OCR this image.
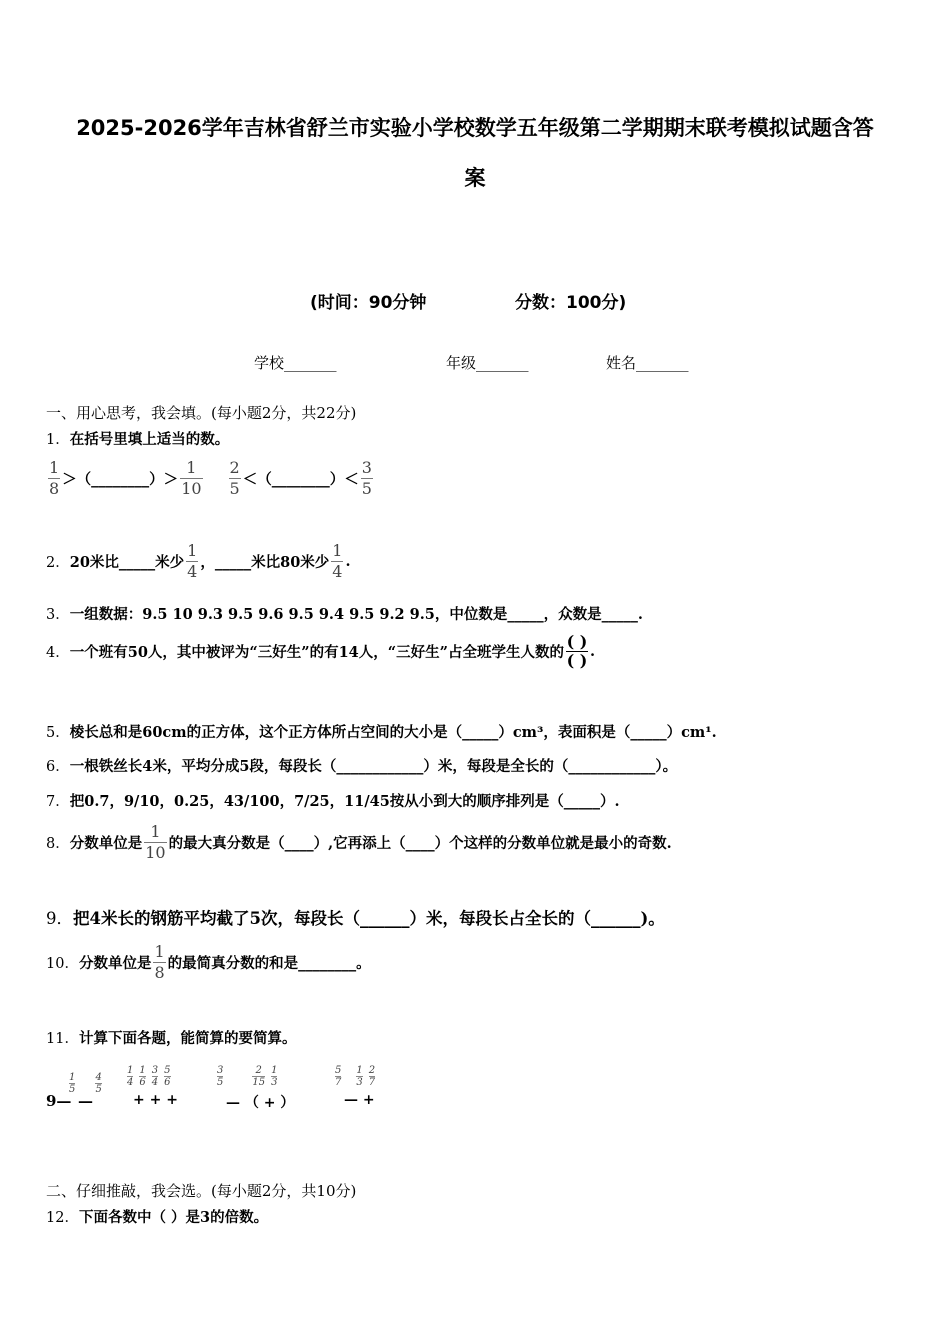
2025-2026学年吉林省舒兰市实验小学校数学五年级第二学期期末联考模拟试题含答
案
(时间：90分钟	分数：100分)
学校_______	年级_______	姓名_______
一、用心思考，我会填。(每小题2分，共22分)
1．在括号里填上适当的数。
$\frac{1}{8}$ ＞（________）＞ $\frac{1}{10} \frac{2}{5}$ ＜（________）＜ $\frac{3}{5}$
2． 20米比_____米少 $\frac{1}{4}$ ，_____米比80米少 $\frac{1}{4}$ .
3．一组数据：9.5 10 9.3 9.5 9.6 9.5 9.4 9.5 9.2 9.5，中位数是_____，众数是_____.
4． 一个班有50人，其中被评为“三好生”的有14人，“三好生”占全班学生人数的
( )
( ) .
5．棱长总和是60cm的正方体，这个正方体所占空间的大小是（_____）cm³，表面积是（_____）cm¹.
6．一根铁丝长4米，平均分成5段，每段长（____________）米，每段是全长的（____________）。
7．把0.7，9/10，0.25，43/100，7/25，11/45按从小到大的顺序排列是（_____）.
8． 分数单位是 $\frac{1}{10}$ 的最大真分数是（____）,它再添上（____）个这样的分数单位就是最小的奇数.
9．把4米长的钢筋平均截了5次，每段长（______）米，每段长占全长的（______)。
10． 分数单位是 $\frac{1}{8}$ 的最简真分数的和是________。
11．计算下面各题，能简算的要简算。
$\frac{1}{5}$
$\frac{4}{5}$
9— —
$\frac{1}{4} \frac{1}{6} \frac{3}{4} \frac{5}{6}$
+ + +
$\frac{3}{5}$	$\frac{2}{15} \frac{1}{3}$
— （ + ）
$\frac{5}{7} \frac{1}{3} \frac{2}{7}$
— +
二、仔细推敲，我会选。(每小题2分，共10分)
12．下面各数中（ ）是3的倍数。
